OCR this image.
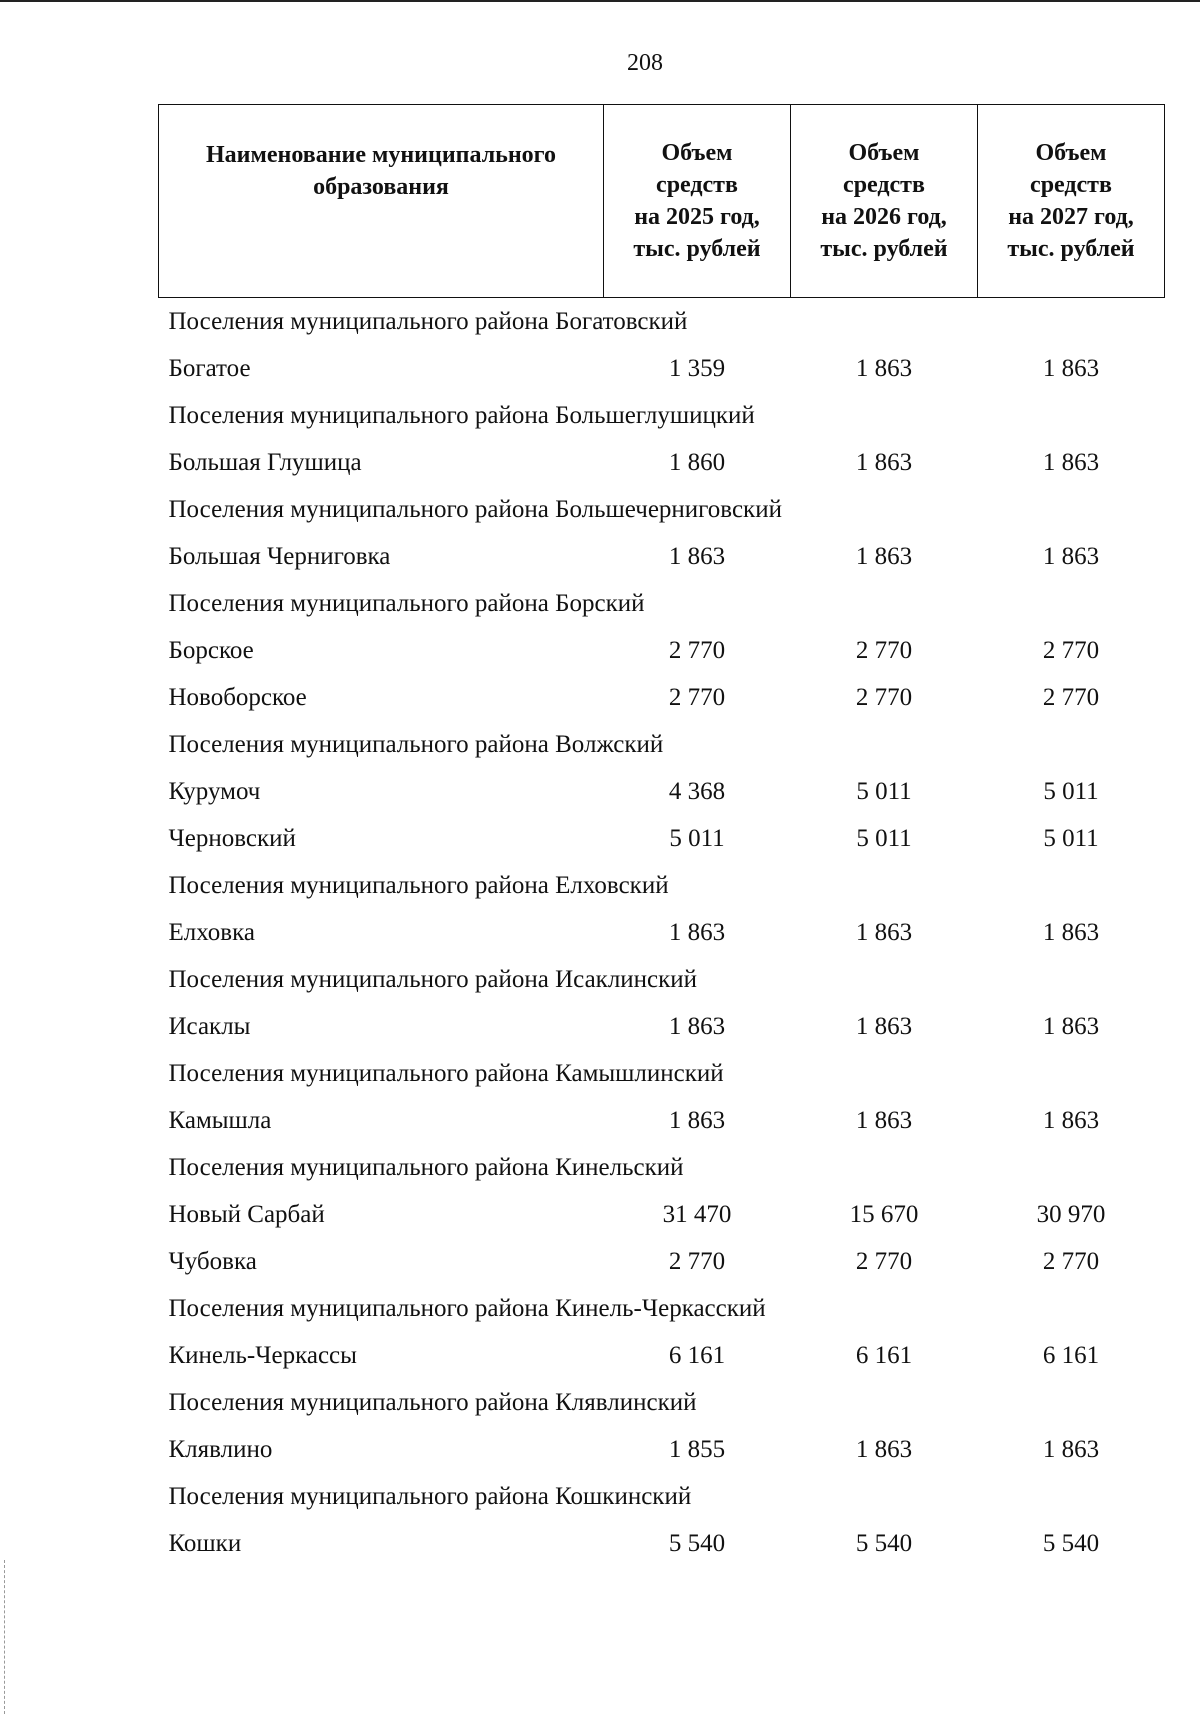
208
Наименование муниципального
образования	Объем
средств
на 2025 год,
тыс. рублей	Объем
средств
на 2026 год,
тыс. рублей	Объем
средств
на 2027 год,
тыс. рублей

Поселения муниципального района Богатовский			
Богатое	1 359	1 863	1 863
Поселения муниципального района Большеглушицкий			
Большая Глушица	1 860	1 863	1 863
Поселения муниципального района Большечерниговский			
Большая Черниговка	1 863	1 863	1 863
Поселения муниципального района Борский			
Борское	2 770	2 770	2 770
Новоборское	2 770	2 770	2 770
Поселения муниципального района Волжский			
Курумоч	4 368	5 011	5 011
Черновский	5 011	5 011	5 011
Поселения муниципального района Елховский			
Елховка	1 863	1 863	1 863
Поселения муниципального района Исаклинский			
Исаклы	1 863	1 863	1 863
Поселения муниципального района Камышлинский			
Камышла	1 863	1 863	1 863
Поселения муниципального района Кинельский			
Новый Сарбай	31 470	15 670	30 970
Чубовка	2 770	2 770	2 770
Поселения муниципального района Кинель-Черкасский			
Кинель-Черкассы	6 161	6 161	6 161
Поселения муниципального района Клявлинский			
Клявлино	1 855	1 863	1 863
Поселения муниципального района Кошкинский			
Кошки	5 540	5 540	5 540
